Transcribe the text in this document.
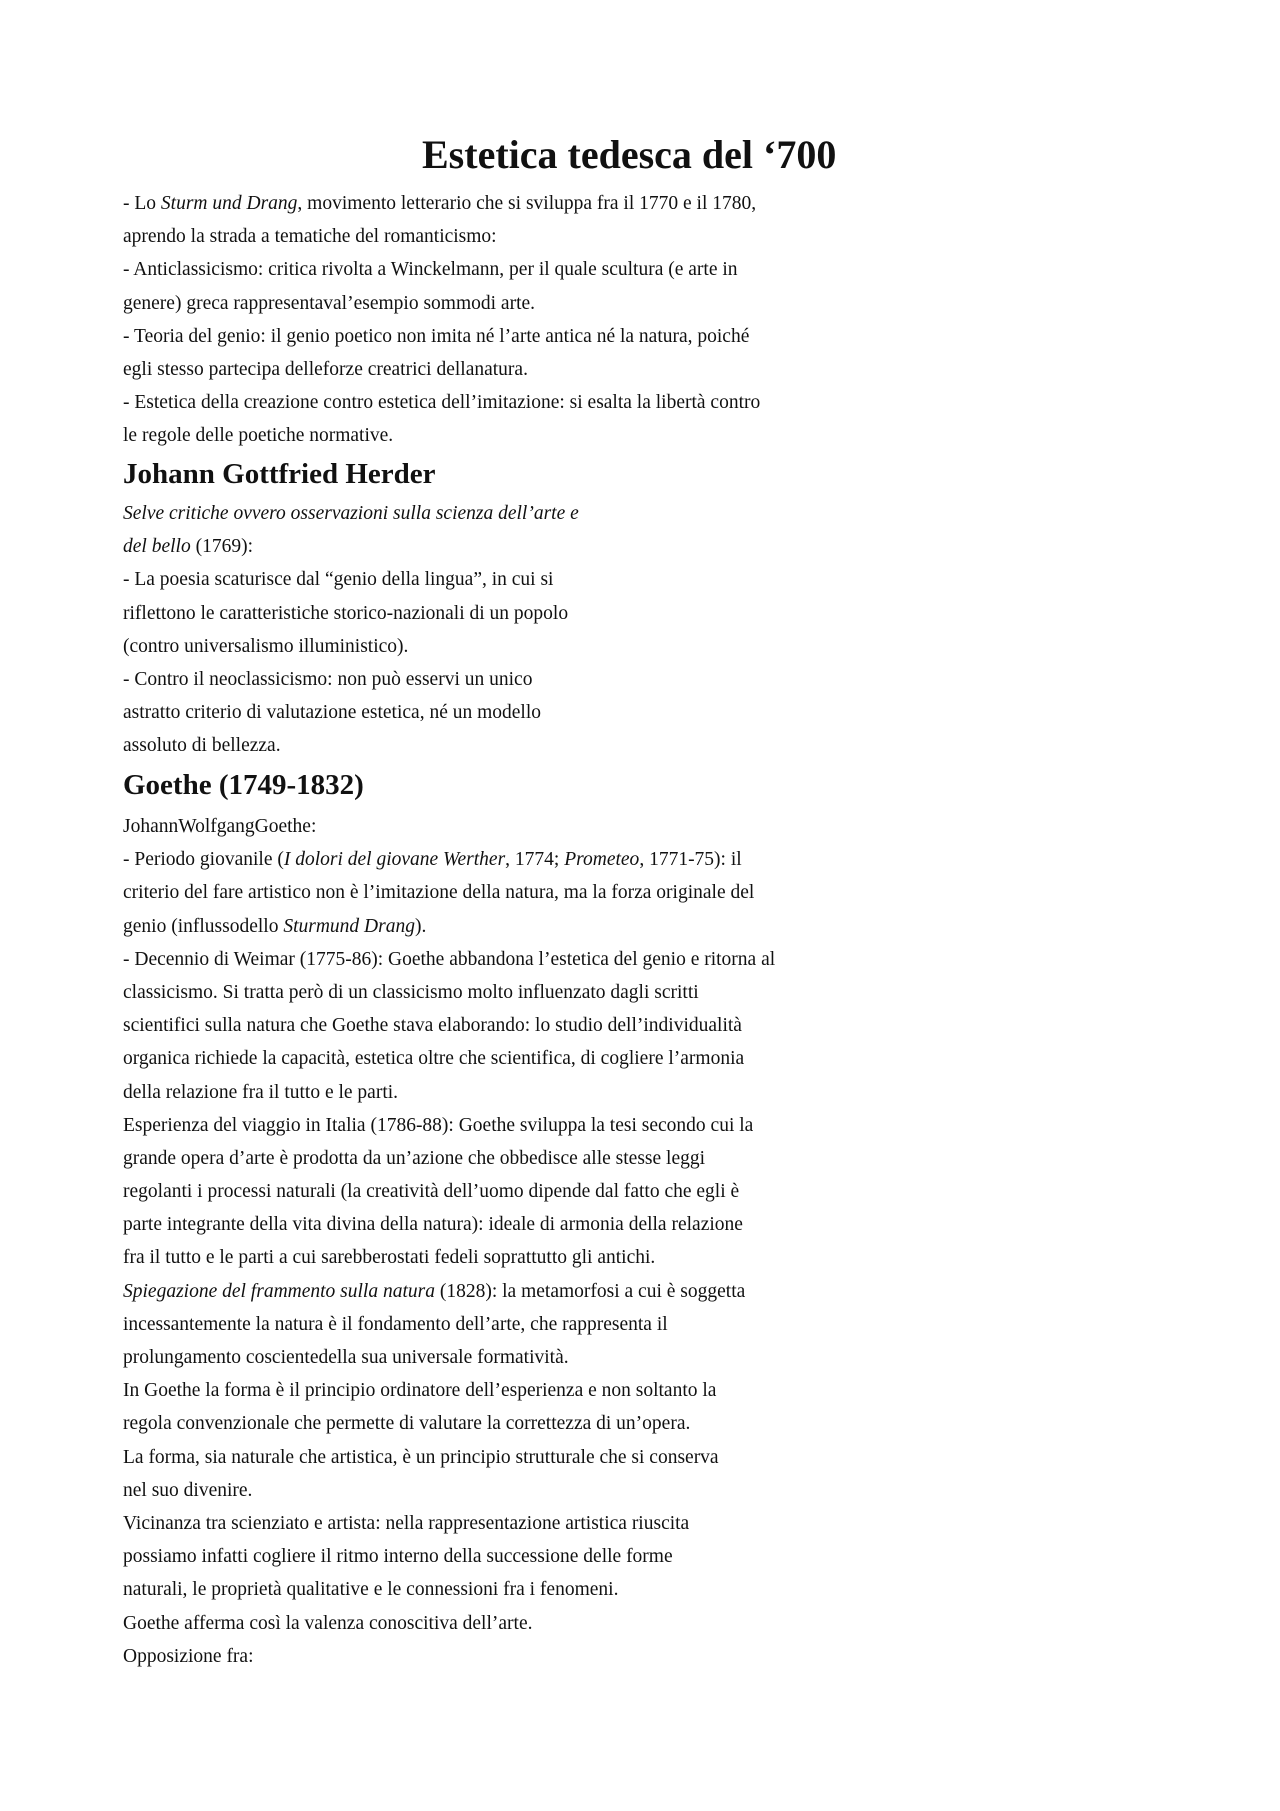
Estetica tedesca del ‘700
- Lo Sturm und Drang, movimento letterario che si sviluppa fra il 1770 e il 1780,
aprendo la strada a tematiche del romanticismo:
- Anticlassicismo: critica rivolta a Winckelmann, per il quale scultura (e arte in
genere) greca rappresentaval’esempio sommodi arte.
- Teoria del genio: il genio poetico non imita né l’arte antica né la natura, poiché
egli stesso partecipa delleforze creatrici dellanatura.
- Estetica della creazione contro estetica dell’imitazione: si esalta la libertà contro
le regole delle poetiche normative.
Johann Gottfried Herder
Selve critiche ovvero osservazioni sulla scienza dell’arte e
del bello (1769):
- La poesia scaturisce dal “genio della lingua”, in cui si
riflettono le caratteristiche storico-nazionali di un popolo
(contro universalismo illuministico).
- Contro il neoclassicismo: non può esservi un unico
astratto criterio di valutazione estetica, né un modello
assoluto di bellezza.
Goethe (1749-1832)
JohannWolfgangGoethe:
- Periodo giovanile (I dolori del giovane Werther, 1774; Prometeo, 1771-75): il
criterio del fare artistico non è l’imitazione della natura, ma la forza originale del
genio (influssodello Sturmund Drang).
- Decennio di Weimar (1775-86): Goethe abbandona l’estetica del genio e ritorna al
classicismo. Si tratta però di un classicismo molto influenzato dagli scritti
scientifici sulla natura che Goethe stava elaborando: lo studio dell’individualità
organica richiede la capacità, estetica oltre che scientifica, di cogliere l’armonia
della relazione fra il tutto e le parti.
Esperienza del viaggio in Italia (1786-88): Goethe sviluppa la tesi secondo cui la
grande opera d’arte è prodotta da un’azione che obbedisce alle stesse leggi
regolanti i processi naturali (la creatività dell’uomo dipende dal fatto che egli è
parte integrante della vita divina della natura): ideale di armonia della relazione
fra il tutto e le parti a cui sarebberostati fedeli soprattutto gli antichi.
Spiegazione del frammento sulla natura (1828): la metamorfosi a cui è soggetta
incessantemente la natura è il fondamento dell’arte, che rappresenta il
prolungamento coscientedella sua universale formatività.
In Goethe la forma è il principio ordinatore dell’esperienza e non soltanto la
regola convenzionale che permette di valutare la correttezza di un’opera.
La forma, sia naturale che artistica, è un principio strutturale che si conserva
nel suo divenire.
Vicinanza tra scienziato e artista: nella rappresentazione artistica riuscita
possiamo infatti cogliere il ritmo interno della successione delle forme
naturali, le proprietà qualitative e le connessioni fra i fenomeni.
Goethe afferma così la valenza conoscitiva dell’arte.
Opposizione fra:
